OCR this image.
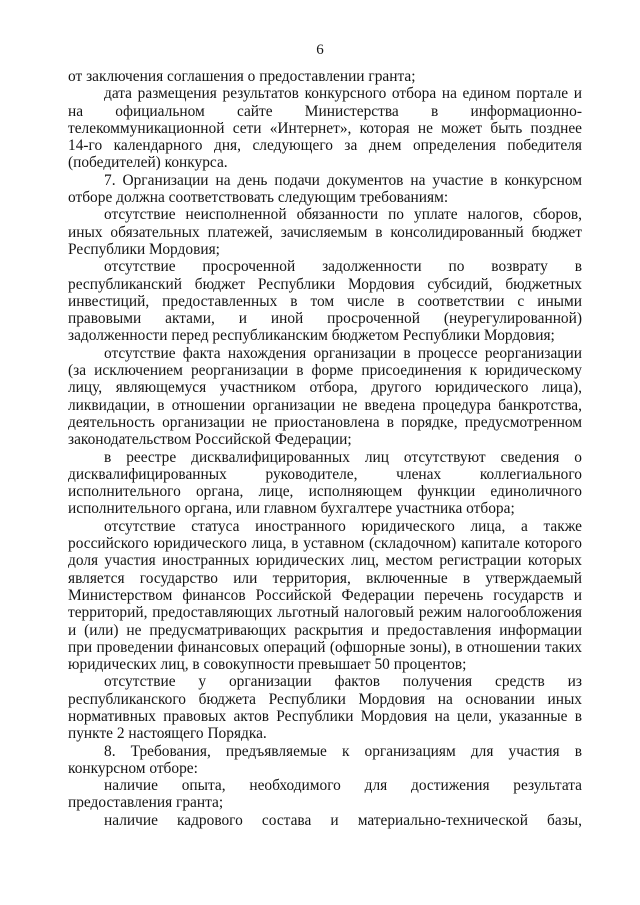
6

от заключения соглашения о предоставлении гранта;

дата размещения результатов конкурсного отбора на едином портале и
на официальном сайте Министерства в информационно-
телекоммуникационной сети «Интернет», которая не может быть позднее
14-го календарного дня, следующего за днем определения победителя
(победителей) конкурса.

7. Организации на день подачи документов на участие в конкурсном
отборе должна соответствовать следующим требованиям:

отсутствие неисполненной обязанности по уплате налогов, сборов,
иных обязательных платежей, зачисляемым в консолидированный бюджет
Республики Мордовия;

отсутствие просроченной задолженности по возврату в
республиканский бюджет Республики Мордовия субсидий, бюджетных
инвестиций, предоставленных в том числе в соответствии с иными
правовыми актами, и иной просроченной (неурегулированной)
задолженности перед республиканским бюджетом Республики Мордовия;

отсутствие факта нахождения организации в процессе реорганизации
(за исключением реорганизации в форме присоединения к юридическому
лицу, являющемуся участником отбора, другого юридического лица),
ликвидации, в отношении организации не введена процедура банкротства,
деятельность организации не приостановлена в порядке, предусмотренном
законодательством Российской Федерации;

в реестре дисквалифицированных лиц отсутствуют сведения о
дисквалифицированных руководителе, членах коллегиального
исполнительного органа, лице, исполняющем функции единоличного
исполнительного органа, или главном бухгалтере участника отбора;

отсутствие статуса иностранного юридического лица, а также
российского юридического лица, в уставном (складочном) капитале которого
доля участия иностранных юридических лиц, местом регистрации которых
является государство или территория, включенные в утверждаемый
Министерством финансов Российской Федерации перечень государств и
территорий, предоставляющих льготный налоговый режим налогообложения
и (или) не предусматривающих раскрытия и предоставления информации
при проведении финансовых операций (офшорные зоны), в отношении таких
юридических лиц, в совокупности превышает 50 процентов;

отсутствие у организации фактов получения средств из
республиканского бюджета Республики Мордовия на основании иных
нормативных правовых актов Республики Мордовия на цели, указанные в
пункте 2 настоящего Порядка.

8. Требования, предъявляемые к организациям для участия в
конкурсном отборе:

наличие опыта, необходимого для достижения результата
предоставления гранта;

наличие кадрового состава и материально-технической базы,
